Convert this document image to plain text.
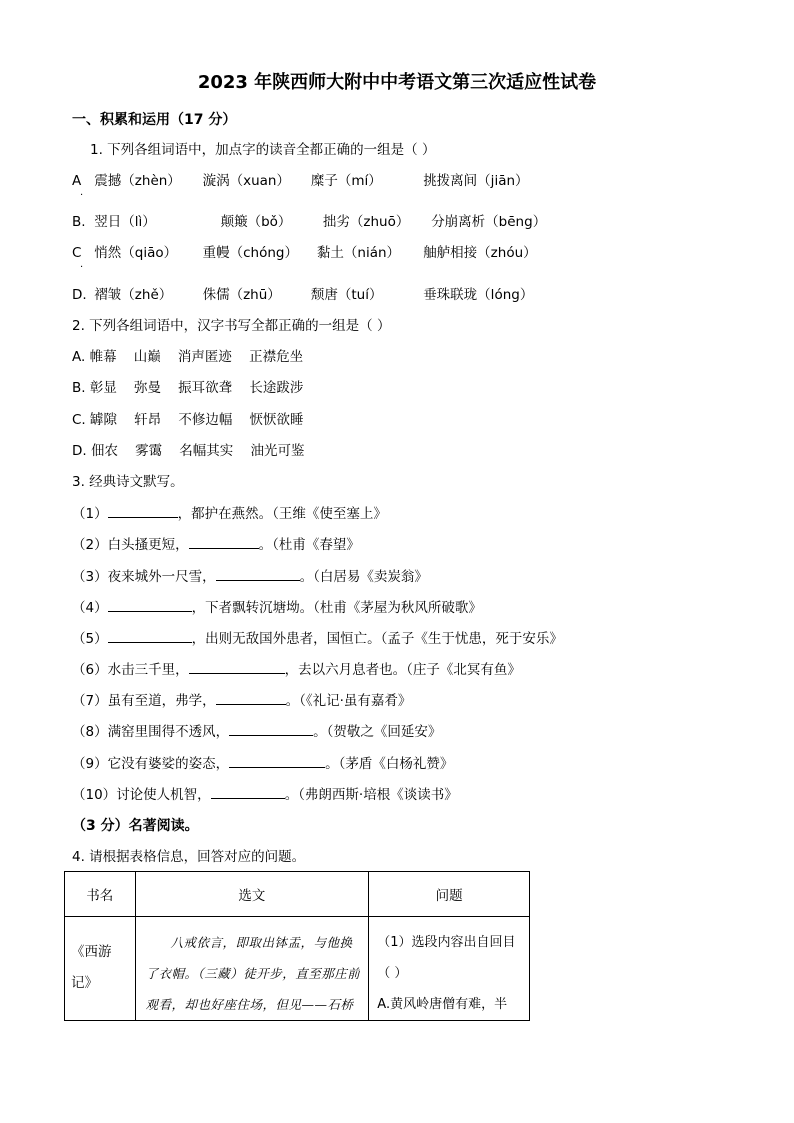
2023 年陕西师大附中中考语文第三次适应性试卷
一、积累和运用（17 分）
1. 下列各组词语中，加点字的读音全都正确的一组是（ ）
A 震撼（zhèn） 漩涡（xuan） 糜子（mí）	挑拨离间（jiān）
·
B. 翌日（lì）	颠簸（bǒ） 拙劣（zhuō） 分崩离析（bēng）
C 悄然（qiāo） 重幔（chóng） 黏土（nián） 舳舻相接（zhóu）
·
D. 褶皱（zhě） 侏儒（zhū） 颓唐（tuí）	垂珠联珑（lóng）
2. 下列各组词语中，汉字书写全都正确的一组是（ ）
A. 帷幕    山巅    消声匿迹    正襟危坐
B. 彰显    弥曼    振耳欲聋    长途跋涉
C. 罅隙    轩昂    不修边幅    恹恹欲睡
D. 佃农    雾霭    名幅其实    油光可鉴
3. 经典诗文默写。
（1）	，都护在燕然。（王维《使至塞上》
（2）白头搔更短，	。（杜甫《春望》
（3）夜来城外一尺雪，	。（白居易《卖炭翁》
（4）	，下者飘转沉塘坳。（杜甫《茅屋为秋风所破歌》
（5）	，出则无敌国外患者，国恒亡。（孟子《生于忧患，死于安乐》
（6）水击三千里，	，去以六月息者也。（庄子《北冥有鱼》
（7）虽有至道，弗学，	。（《礼记·虽有嘉肴》
（8）满窑里围得不透风，	。（贺敬之《回延安》
（9）它没有婆娑的姿态，	。（茅盾《白杨礼赞》
（10）讨论使人机智，	。（弗朗西斯·培根《谈读书》
（3 分）名著阅读。
4. 请根据表格信息，回答对应的问题。
书名	选文	问题
《西游记》	八戒依言，即取出钵盂，与他换了衣帽。（三藏）徒开步，直至那庄前观看，却也好座住场，但见——石桥	（1）选段内容出自回目（ ）
A.黄风岭唐僧有难，半
